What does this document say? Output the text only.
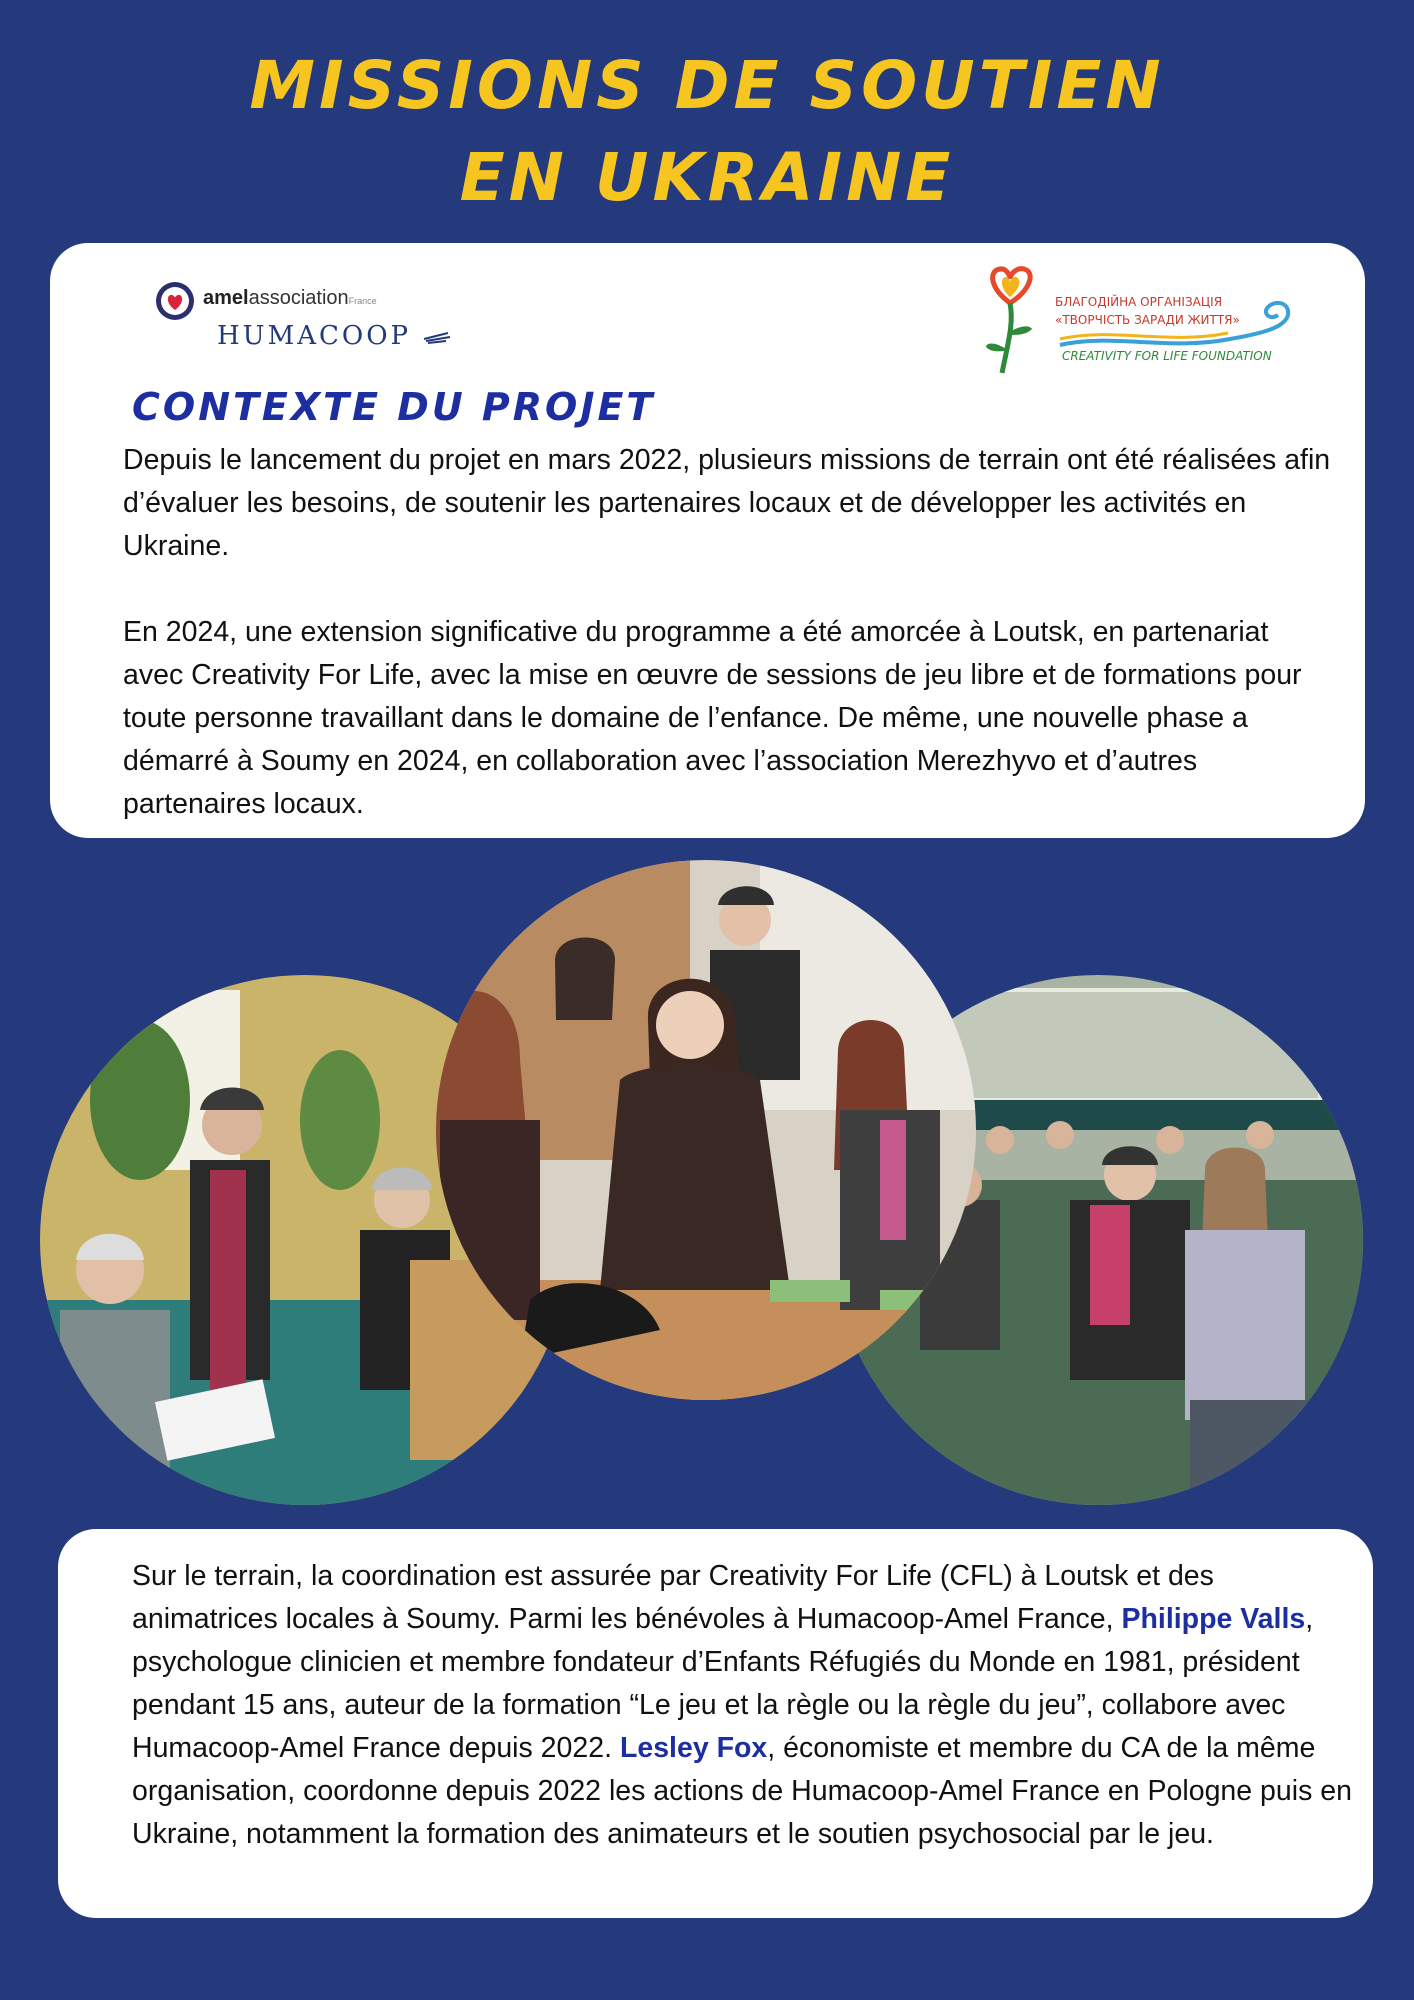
MISSIONS DE SOUTIEN
EN UKRAINE
amelassociationFrance
HUMACOOP
БЛАГОДІЙНА ОРГАНІЗАЦІЯ
«ТВОРЧІСТЬ ЗАРАДИ ЖИТТЯ»
CREATIVITY FOR LIFE FOUNDATION
CONTEXTE DU PROJET
Depuis le lancement du projet en mars 2022, plusieurs missions de terrain ont été réalisées afin d’évaluer les besoins, de soutenir les partenaires locaux et de développer les activités en Ukraine.
En 2024, une extension significative du programme a été amorcée à Loutsk, en partenariat avec Creativity For Life, avec la mise en œuvre de sessions de jeu libre et de formations pour toute personne travaillant dans le domaine de l’enfance. De même, une nouvelle phase a démarré à Soumy en 2024, en collaboration avec l’association Merezhyvo et d’autres partenaires locaux.
Sur le terrain, la coordination est assurée par Creativity For Life (CFL) à Loutsk et des animatrices locales à Soumy. Parmi les bénévoles à Humacoop-Amel France, Philippe Valls, psychologue clinicien et membre fondateur d’Enfants Réfugiés du Monde en 1981, président pendant 15 ans, auteur de la formation “Le jeu et la règle ou la règle du jeu”, collabore avec Humacoop-Amel France depuis 2022. Lesley Fox, économiste et membre du CA de la même organisation, coordonne depuis 2022 les actions de Humacoop-Amel France en Pologne puis en Ukraine, notamment la formation des animateurs et le soutien psychosocial par le jeu.
